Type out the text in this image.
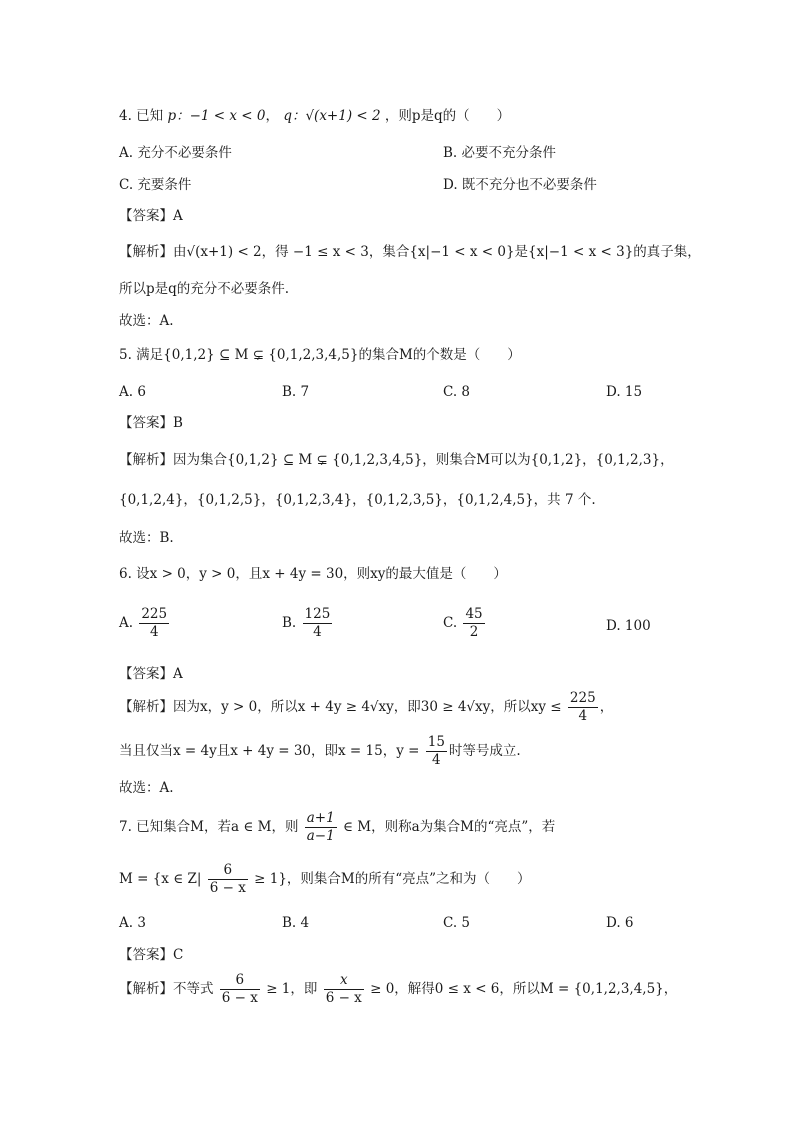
4. 已知 p：−1 < x < 0， q：√(x+1) < 2 ，则p是q的（　　）
A. 充分不必要条件	B. 必要不充分条件
C. 充要条件	D. 既不充分也不必要条件
【答案】A
【解析】由√(x+1) < 2，得 −1 ≤ x < 3，集合{x|−1 < x < 0}是{x|−1 < x < 3}的真子集，
所以p是q的充分不必要条件.
故选：A.
5. 满足{0,1,2} ⊆ M ⊊ {0,1,2,3,4,5}的集合M的个数是（　　）
A. 6	B. 7	C. 8	D. 15
【答案】B
【解析】因为集合{0,1,2} ⊆ M ⊊ {0,1,2,3,4,5}，则集合M可以为{0,1,2}，{0,1,2,3}，
{0,1,2,4}，{0,1,2,5}，{0,1,2,3,4}，{0,1,2,3,5}，{0,1,2,4,5}，共 7 个.
故选：B.
6. 设x > 0，y > 0，且x + 4y = 30，则xy的最大值是（　　）
A. $\frac{225}{4}$	B. $\frac{125}{4}$	C. $\frac{45}{2}$	D. 100
【答案】A
【解析】因为x，y > 0，所以x + 4y ≥ 4√xy，即30 ≥ 4√xy，所以xy ≤ $\frac{225}{4}$ ，
当且仅当x = 4y且x + 4y = 30，即x = 15，$y = \frac{15}{4}$ 时等号成立.
故选：A.
7. 已知集合M，若a ∈ M，则 $\frac{a+1}{a-1}$ ∈ M，则称a为集合M的“亮点”，若
M = {x ∈ $Z| \frac{6}{6 - x} \ge 1$}，则集合M的所有“亮点”之和为（　　）
A. 3	B. 4	C. 5	D. 6
【答案】C
【解析】不等式 $\frac{6}{6 - x} \ge 1$，即 $\frac{x}{6 - x} \ge 0$，解得0 ≤ x < 6，所以M = {0,1,2,3,4,5}，
